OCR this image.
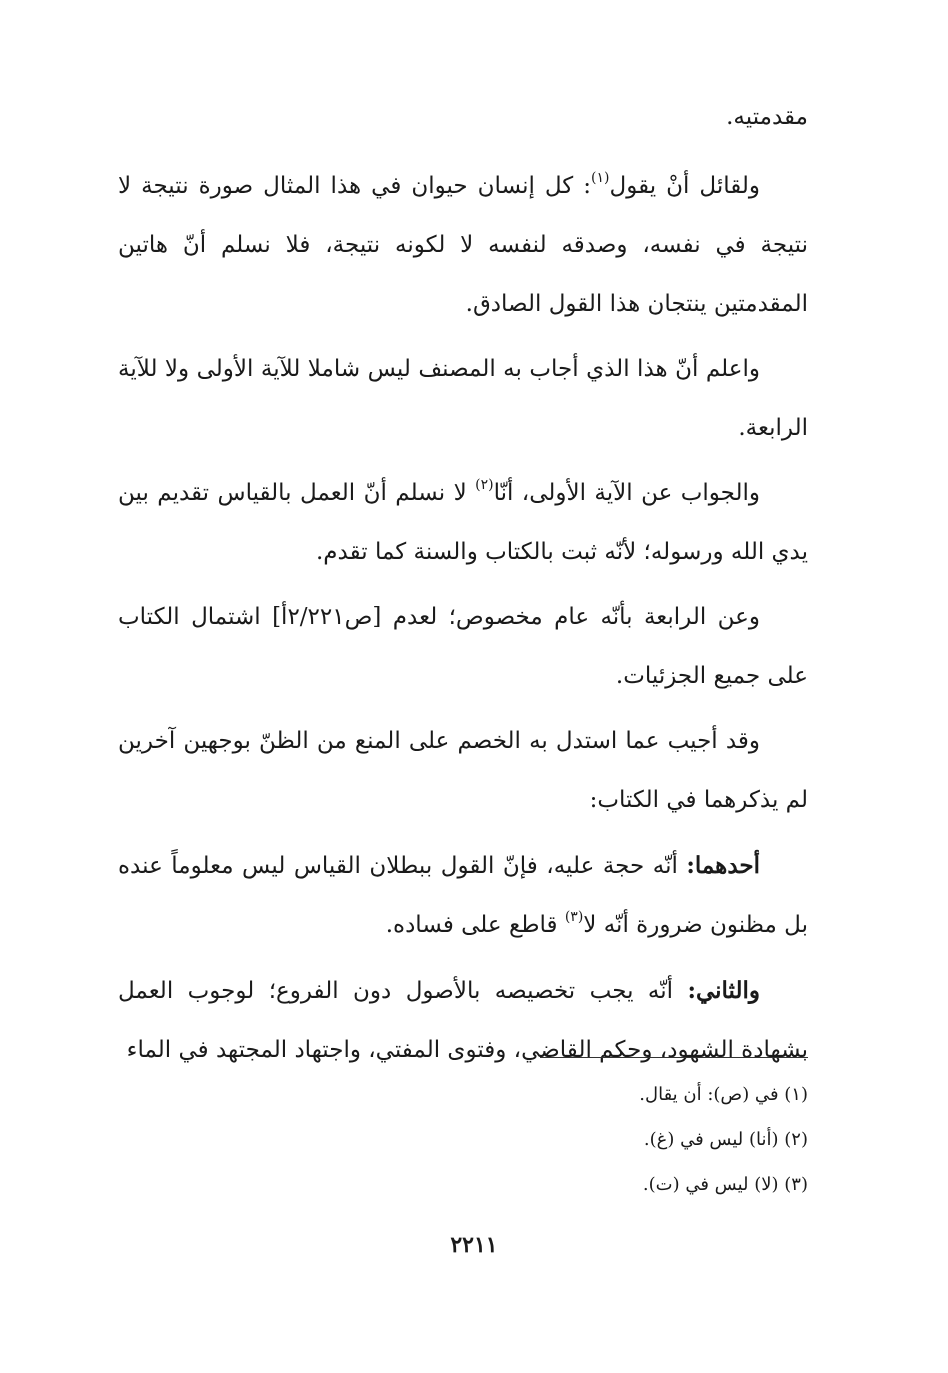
مقدمتيه.

ولقائل أنْ يقول$^{(١)}$: كل إنسان حيوان في هذا المثال صورة نتيجة لا نتيجة في نفسه، وصدقه لنفسه لا لكونه نتيجة، فلا نسلم أنّ هاتين المقدمتين ينتجان هذا القول الصادق.

واعلم أنّ هذا الذي أجاب به المصنف ليس شاملا للآية الأولى ولا للآية الرابعة.

والجواب عن الآية الأولى، أنّا$^{(٢)}$ لا نسلم أنّ العمل بالقياس تقديم بين يدي الله ورسوله؛ لأنّه ثبت بالكتاب والسنة كما تقدم.

وعن الرابعة بأنّه عام مخصوص؛ لعدم [ص٢/٢٢١أ] اشتمال الكتاب على جميع الجزئيات.

وقد أجيب عما استدل به الخصم على المنع من الظنّ بوجهين آخرين لم يذكرهما في الكتاب:

أحدهما: أنّه حجة عليه، فإنّ القول ببطلان القياس ليس معلوماً عنده بل مظنون ضرورة أنّه لا$^{(٣)}$ قاطع على فساده.

والثاني: أنّه يجب تخصيصه بالأصول دون الفروع؛ لوجوب العمل بشهادة الشهود، وحكم القاضي، وفتوى المفتي، واجتهاد المجتهد في الماء

(١) في (ص): أن يقال.

(٢) (أنا) ليس في (غ).

(٣) (لا) ليس في (ت).

٢٢١١
